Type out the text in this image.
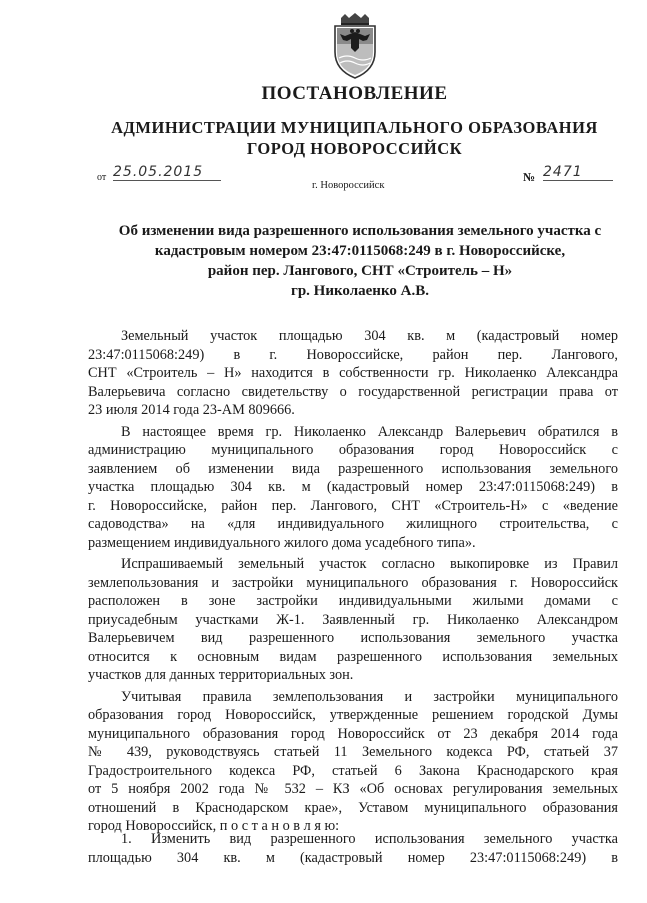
ПОСТАНОВЛЕНИЕ
АДМИНИСТРАЦИИ МУНИЦИПАЛЬНОГО ОБРАЗОВАНИЯ
ГОРОД НОВОРОССИЙСК
от 25.05.2015
г. Новороссийск
№ 2471
Об изменении вида разрешенного использования земельного участка с
кадастровым номером 23:47:0115068:249 в г. Новороссийске,
район пер. Лангового, СНТ «Строитель – Н»
гр. Николаенко А.В.
Земельный участок площадью 304 кв. м (кадастровый номер
23:47:0115068:249) в г. Новороссийске, район пер. Лангового,
СНТ «Строитель – Н» находится в собственности гр. Николаенко Александра
Валерьевича согласно свидетельству о государственной регистрации права от
23 июля 2014 года 23-АМ 809666.
В настоящее время гр. Николаенко Александр Валерьевич обратился в
администрацию муниципального образования город Новороссийск с
заявлением об изменении вида разрешенного использования земельного
участка площадью 304 кв. м (кадастровый номер 23:47:0115068:249) в
г. Новороссийске, район пер. Лангового, СНТ «Строитель-Н» с «ведение
садоводства» на «для индивидуального жилищного строительства, с
размещением индивидуального жилого дома усадебного типа».
Испрашиваемый земельный участок согласно выкопировке из Правил
землепользования и застройки муниципального образования г. Новороссийск
расположен в зоне застройки индивидуальными жилыми домами с
приусадебным участками Ж-1. Заявленный гр. Николаенко Александром
Валерьевичем вид разрешенного использования земельного участка
относится к основным видам разрешенного использования земельных
участков для данных территориальных зон.
Учитывая правила землепользования и застройки муниципального
образования город Новороссийск, утвержденные решением городской Думы
муниципального образования город Новороссийск от 23 декабря 2014 года
№ 439, руководствуясь статьей 11 Земельного кодекса РФ, статьей 37
Градостроительного кодекса РФ, статьей 6 Закона Краснодарского края
от 5 ноября 2002 года № 532 – КЗ «Об основах регулирования земельных
отношений в Краснодарском крае», Уставом муниципального образования
город Новороссийск, п о с т а н о в л я ю:
1. Изменить вид разрешенного использования земельного участка
площадью 304 кв. м (кадастровый номер 23:47:0115068:249) в
